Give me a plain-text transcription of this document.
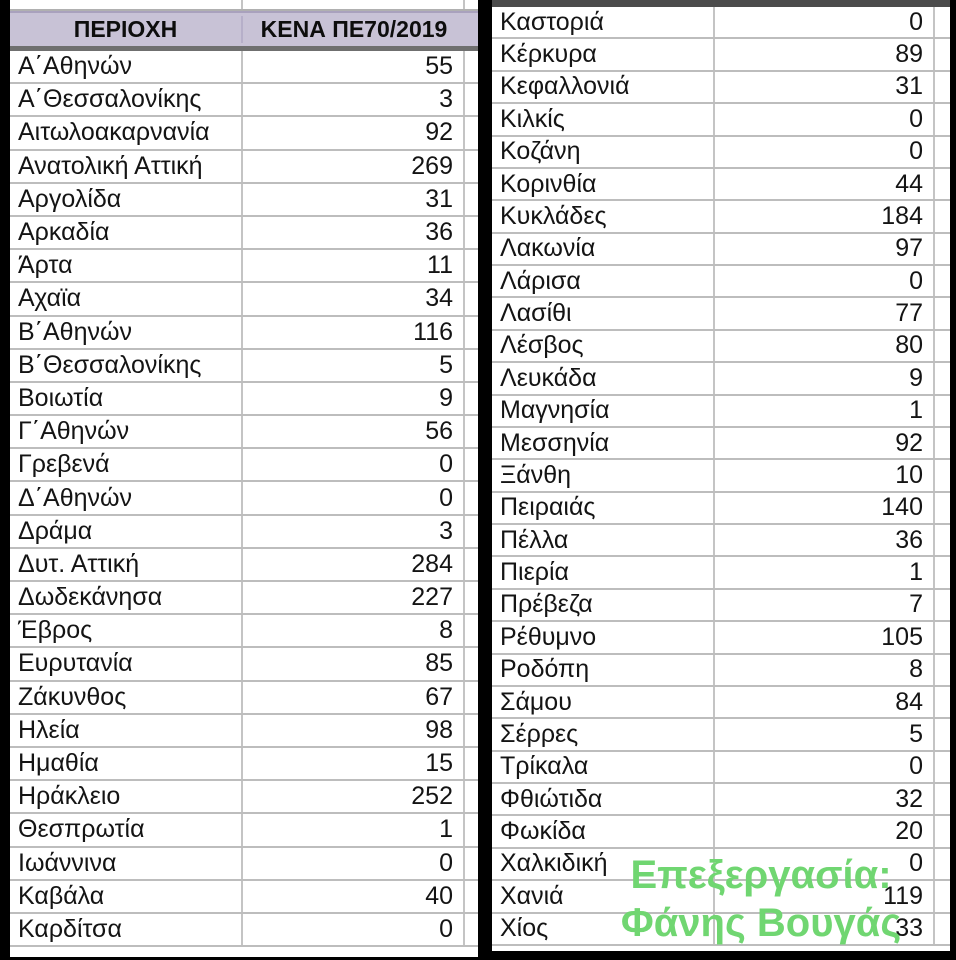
ΠΕΡΙΟΧΗ	ΚΕΝΑ ΠΕ70/2019
Α΄Αθηνών	55
Α΄Θεσσαλονίκης	3
Αιτωλοακαρνανία	92
Ανατολική Αττική	269
Αργολίδα	31
Αρκαδία	36
Άρτα	11
Αχαϊα	34
Β΄Αθηνών	116
Β΄Θεσσαλονίκης	5
Βοιωτία	9
Γ΄Αθηνών	56
Γρεβενά	0
Δ΄Αθηνών	0
Δράμα	3
Δυτ. Αττική	284
Δωδεκάνησα	227
Έβρος	8
Ευρυτανία	85
Ζάκυνθος	67
Ηλεία	98
Ημαθία	15
Ηράκλειο	252
Θεσπρωτία	1
Ιωάννινα	0
Καβάλα	40
Καρδίτσα	0
Καστοριά	0
Κέρκυρα	89
Κεφαλλονιά	31
Κιλκίς	0
Κοζάνη	0
Κορινθία	44
Κυκλάδες	184
Λακωνία	97
Λάρισα	0
Λασίθι	77
Λέσβος	80
Λευκάδα	9
Μαγνησία	1
Μεσσηνία	92
Ξάνθη	10
Πειραιάς	140
Πέλλα	36
Πιερία	1
Πρέβεζα	7
Ρέθυμνο	105
Ροδόπη	8
Σάμου	84
Σέρρες	5
Τρίκαλα	0
Φθιώτιδα	32
Φωκίδα	20
Χαλκιδική	0
Χανιά	119
Χίος	33
Επεξεργασία:
Φάνης Βουγάς
